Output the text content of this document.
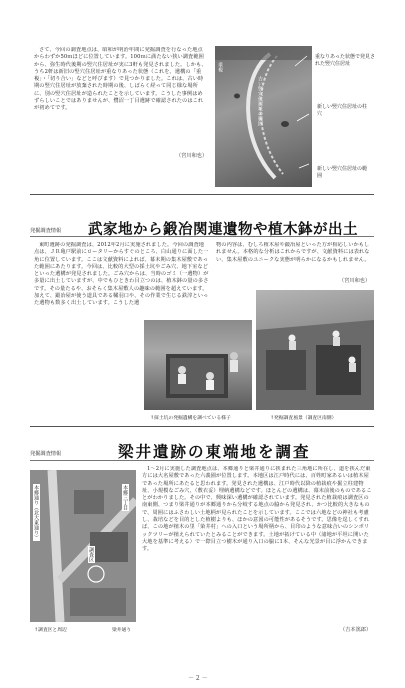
さて、今回の調査地点は、昭和が明治年間に発掘調査を行なった地点からわずか50ｍほどに位置しています。100ｍに満たない狭い調査範囲から、弥生時代後期の竪穴住居址が実に3軒も発見されました。しかも、うち2軒は新旧の竪穴住居址が重なりあった状態（これを、遺構の「重複」・「切り合い」などと呼びます）で見つかりました。これは、古い時期の竪穴住居址が放棄された時期の後、しばらく経って同じ様な場所に、別の竪穴住居址が造られたことを示しています。こうした事例はめずらしいことではありませんが、鷺沼一丁目遺跡で確認されたのはこれが初めてです。
（宮川和也）
重複
古い竪穴住居址の範囲
重なりあった状態で発見された竪穴住居址
新しい竪穴住居址の柱穴
新しい竪穴住居址の範囲
発掘調査情報 武家地から鍛冶関連遺物や植木鉢が出土
東町遺跡の発掘調査は、2012年2月に実施されました。今回の調査地点は、ＪＲ亀戸駅前にロータリーからすぐのところ、白山通りに面した一角に位置しています。ここは文献資料によれば、幕末期の集木屋敷であった範囲にあたります。今回は、比較的大型の採土坑やごみ穴、地下室などといった遺構が発見されました。ごみ穴からは、当時のゴミ（一遺物）が多量に出土していますが、中でもひときわ目立つのは、植木鉢の量の多さです。その量たるや、おそらく集木屋敷人の趣味の範囲を超えています。加えて、鍛冶屋が使う道具である鞴羽口や、その作業で生じる鉄滓といった遺物も数多く出土しています。こうした遺
物の内容は、むしろ植木屋や鍛冶屋といった方が相応しいかもしれません。本格的な分析はこれからですが、文献資料には表れない、集木屋敷のユニークな実態が明らかになるかもしれません。
（宮川和也）
↑採土坑の発掘遺構を調べている様子	↑発掘調査風景（調査区南側）
発掘調査情報	梁井遺跡の東端地を調査
本郷通り（北大東通り）	本郷三丁目
調査区
↑調査区と周辺	梁井通り
1～2月に実施した調査地点は、本郷通りと梁井通りに挟まれた三角地に所在し、道を挟んだ東方には大名屋敷であった六義園が位置します。本地区は江戸時代には、百姓町家あるいは植木屋であった場所にあたると思われます。発見された遺構は、江戸時代以降の植栽痕や掘立柱建物址、小規模なごみ穴、（敷衣妥）埋納遺構などです。ほとんどの遺構は、幕末前後のものであることがわかりました。その中で、興味深い遺構が確認されています。発見された植栽痕は調査区の南東側、つまり梁井通りが本郷通りから分岐する地点の脇から発見され、かつ比較的大きなもので、周囲にはふさわしい土地柄が見られたことを示しています。ここでは六地などの神社も考慮し、栽培などを目的とした植樹よりも、ほかの意図の可能性があるそうです。思像を逞しくすれば、この地が植木の里「染井村」への入口という場所柄から、目印のような意味合いのシンボリックツリーが植えられていたとみることができます。土地が拓けている中（諸地が平坦に開いた大地を基準に考える）で一際目立つ樹木が通り入口の脇に1本、そんな光景が目に浮かんできます。
（吉本篤郎）
－ 2 －
